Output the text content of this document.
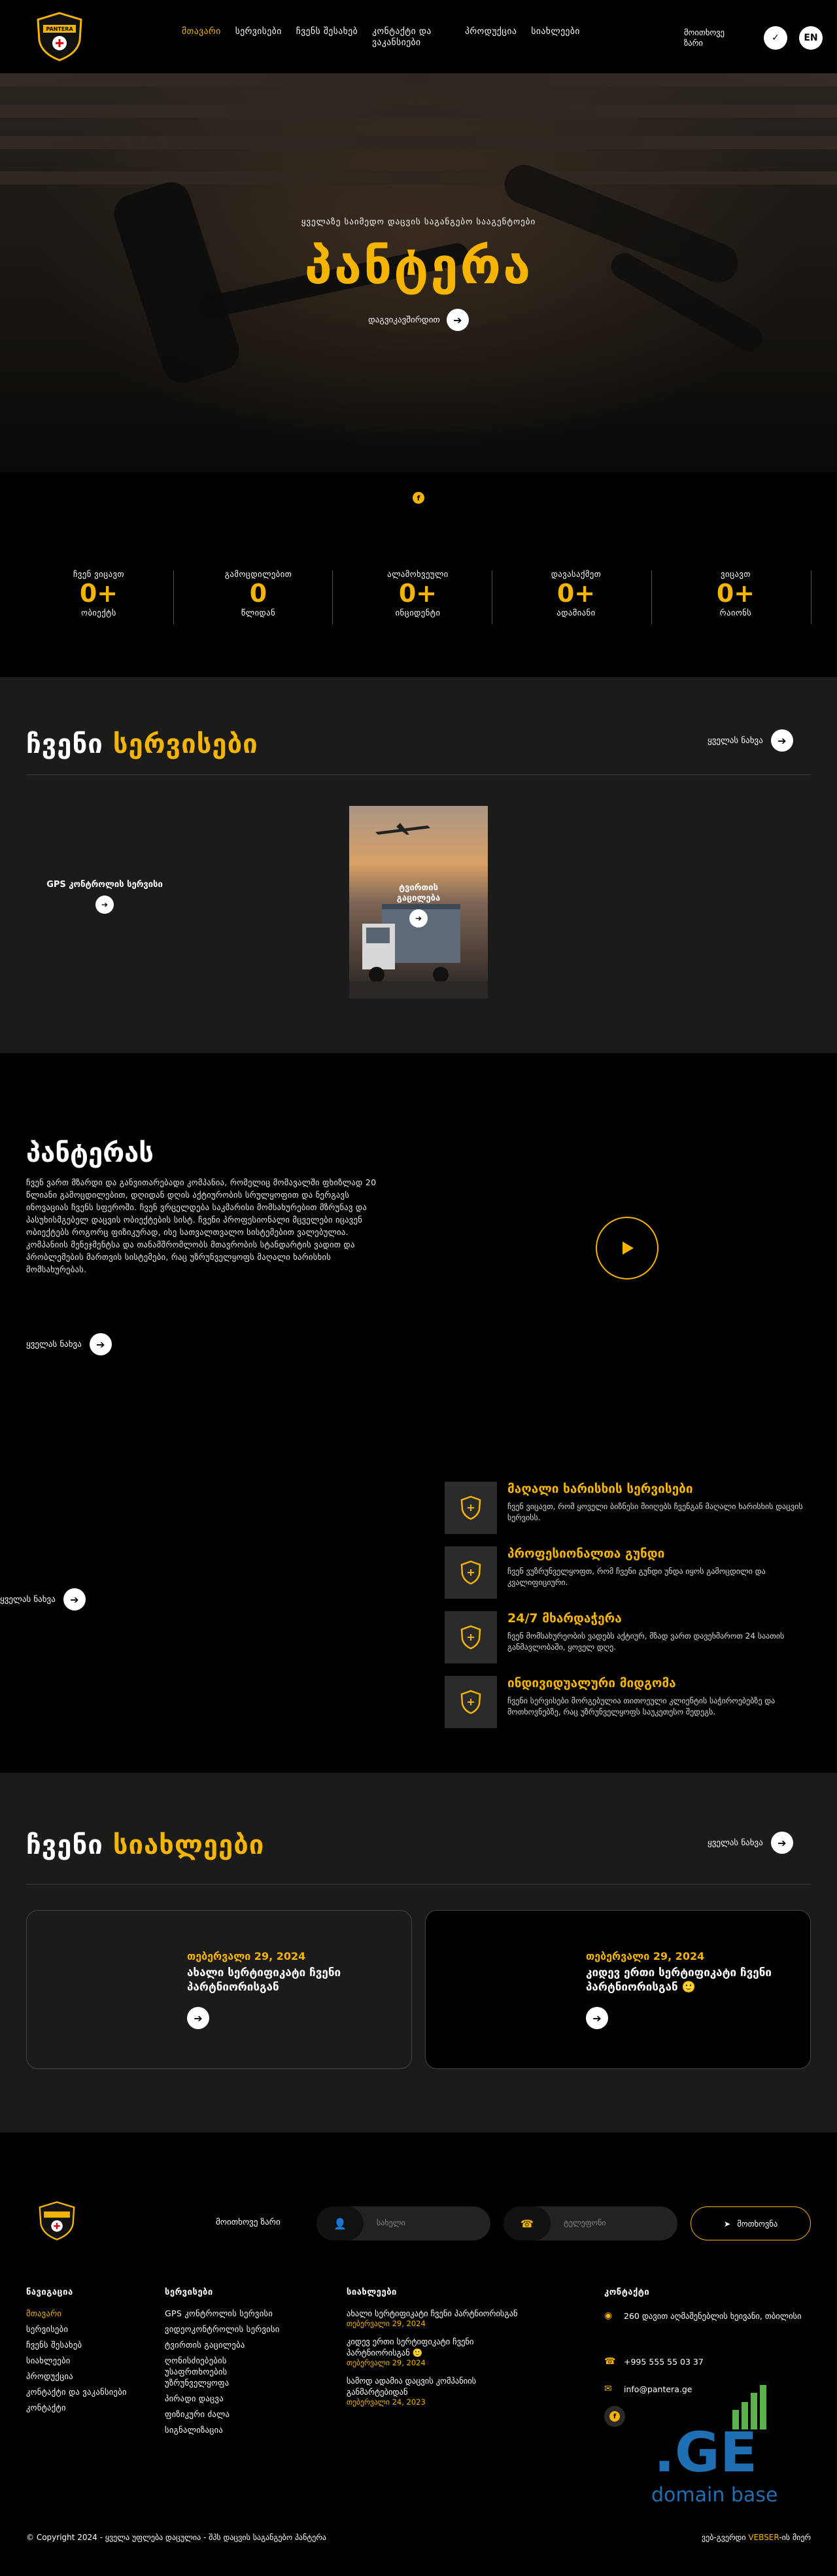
PANTERA	მთავარი სერვისები ჩვენს შესახებ კონტაქტი და ვაკანსიები
პროდუქცია სიახლეები	მოითხოვე ზარი	✓	EN
ყველაზე საიმედო დაცვის საგანგებო სააგენტოები
პანტერა
დაგვიკავშირდით	➔
f
ჩვენ ვიცავთ
0+
ობიექტს
გამოცდილებით
0
წლიდან
ალამოხვეული
0+
ინციდენტი
დავასაქმეთ
0+
ადამიანი
ვიცავთ
0+
რაიონს
ჩვენი სერვისები	ყველას ნახვა	➔
GPS კონტროლის სერვისი
➔
ტვირთის გაცილება
➔
პანტერას

ჩვენ ვართ მზარდი და განვითარებადი კომპანია, რომელიც მომავალში ფხიზლად 20 წლიანი გამოცდილებით, დღიდან დღის აქტიურობის სრულყოფით და ნერგავს ინოვაციას ჩვენს სფეროში. ჩვენ ვრცელდება საკმარისი მომსახურებით მზრუნავ და პასუხისმგებელ დაცვის ობიექტების სისტ. ჩვენი პროფესიონალი მცველები იცავენ ობიექტებს როგორც ფიზიკურად, ისე სათვალთვალო სისტემებით ვალებულია. კომპანიის მენეჯმენტსა და თანამშრომლობს მთავრობის სტანდარტის ვადით და პრობლემების მართვის სისტემები, რაც უზრუნველყოფს მაღალი ხარისხის მომსახურებას.

ყველას ნახვა	➔
ყველას ნახვა	➔
მაღალი ხარისხის სერვისები
ჩვენ ვიცავთ, რომ ყოველი ბიზნესი მიიღებს ჩვენგან მაღალი ხარისხის დაცვის სერვისს.
პროფესიონალთა გუნდი
ჩვენ ვუზრუნველყოფთ, რომ ჩვენი გუნდი უნდა იყოს გამოცდილი და კვალიფიციური.
24/7 მხარდაჭერა
ჩვენ მომსახურეობის ვადებს აქტიურ, მზად ვართ დავეხმაროთ 24 საათის განმავლობაში, ყოველ დღე.
ინდივიდუალური მიდგომა
ჩვენი სერვისები მორგებულია თითოეული კლიენტის საჭიროებებზე და მოთხოვნებზე, რაც უზრუნველყოფს საუკეთესო შედეგს.
ჩვენი სიახლეები	ყველას ნახვა	➔
თებერვალი 29, 2024
ახალი სერტიფიკატი ჩვენი პარტნიორისგან
➔
თებერვალი 29, 2024
კიდევ ერთი სერტიფიკატი ჩვენი პარტნიორისგან 🙂
➔
მოითხოვე ზარი	👤	სახელი	☎	ტელეფონი	➤ მოთხოვნა
ნავიგაცია
მთავარი
სერვისები
ჩვენს შესახებ
სიახლეები
პროდუქცია
კონტაქტი და ვაკანსიები
კონტაქტი
სერვისები
GPS კონტროლის სერვისი
ვიდეოკონტროლის სერვისი
ტვირთის გაცილება
ღონისძიებების უსაფრთხოების უზრუნველყოფა
პირადი დაცვა
ფიზიკური ძალა
სიგნალიზაცია
სიახლეები
ახალი სერტიფიკატი ჩვენი პარტნიორისგან
თებერვალი 29, 2024
კიდევ ერთი სერტიფიკატი ჩვენი პარტნიორისგან 🙂
თებერვალი 29, 2024
სამოდ ადამია დაცვის კომპანიის განმარტებიდან
თებერვალი 24, 2023
კონტაქტი
◉ 260 დავით აღმაშენებლის ხეივანი, თბილისი
☎ +995 555 55 03 37
✉ info@pantera.ge
f
.GE
domain base
© Copyright 2024 - ყველა უფლება დაცულია - შპს დაცვის საგანგებო პანტერა	ვებ-გვერდი VEBSER-ის მიერ
